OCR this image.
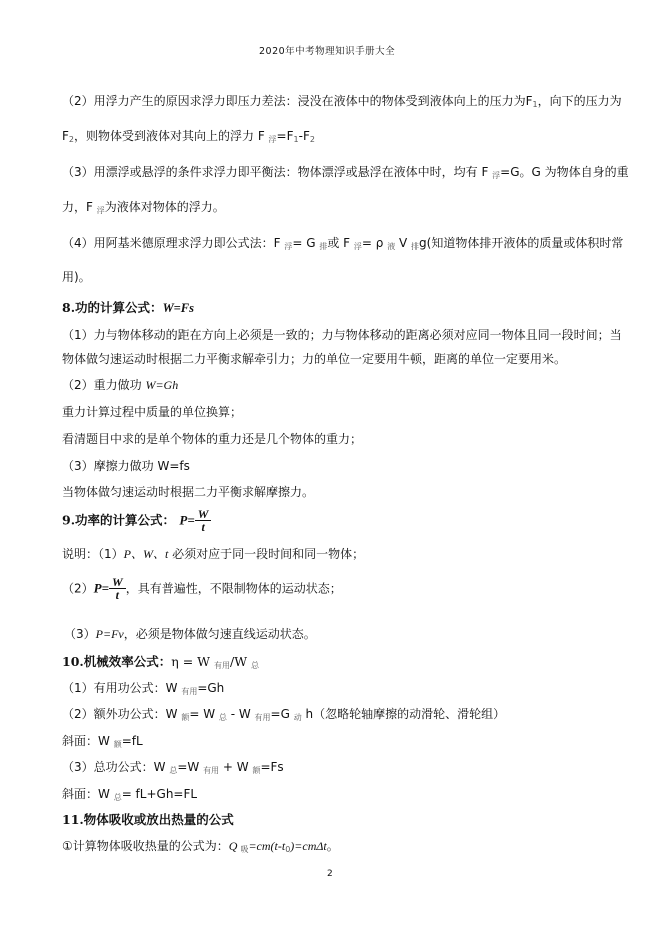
2020年中考物理知识手册大全
（2）用浮力产生的原因求浮力即压力差法：浸没在液体中的物体受到液体向上的压力为F1，向下的压力为
F2，则物体受到液体对其向上的浮力 F 浮=F1-F2
（3）用漂浮或悬浮的条件求浮力即平衡法：物体漂浮或悬浮在液体中时，均有 F 浮=G。G 为物体自身的重
力，F 浮为液体对物体的浮力。
（4）用阿基米德原理求浮力即公式法：F 浮= G 排或 F 浮= ρ 液 V 排g(知道物体排开液体的质量或体积时常
用)。
8.功的计算公式：W=Fs
（1）力与物体移动的距在方向上必须是一致的；力与物体移动的距离必须对应同一物体且同一段时间；当
物体做匀速运动时根据二力平衡求解牵引力；力的单位一定要用牛顿，距离的单位一定要用米。
（2）重力做功 W=Gh
重力计算过程中质量的单位换算；
看清题目中求的是单个物体的重力还是几个物体的重力；
（3）摩擦力做功 W=fs
当物体做匀速运动时根据二力平衡求解摩擦力。
9.功率的计算公式： $P= \frac{W}{t}$
说明：（1）P、W、t 必须对应于同一段时间和同一物体；
$(2)P= \frac{W}{t}$ ，具有普遍性，不限制物体的运动状态；
（3）P=Fv，必须是物体做匀速直线运动状态。
10.机械效率公式：η = W 有用/W 总
（1）有用功公式：W 有用=Gh
（2）额外功公式：W 额= W 总 - W 有用=G 动 h（忽略轮轴摩擦的动滑轮、滑轮组）
斜面：W 额=fL
（3）总功公式：W 总=W 有用 + W 额=Fs
斜面：W 总= fL+Gh=FL
11.物体吸收或放出热量的公式
①计算物体吸收热量的公式为：Q 吸=cm(t-t0)=cmΔt。
2
